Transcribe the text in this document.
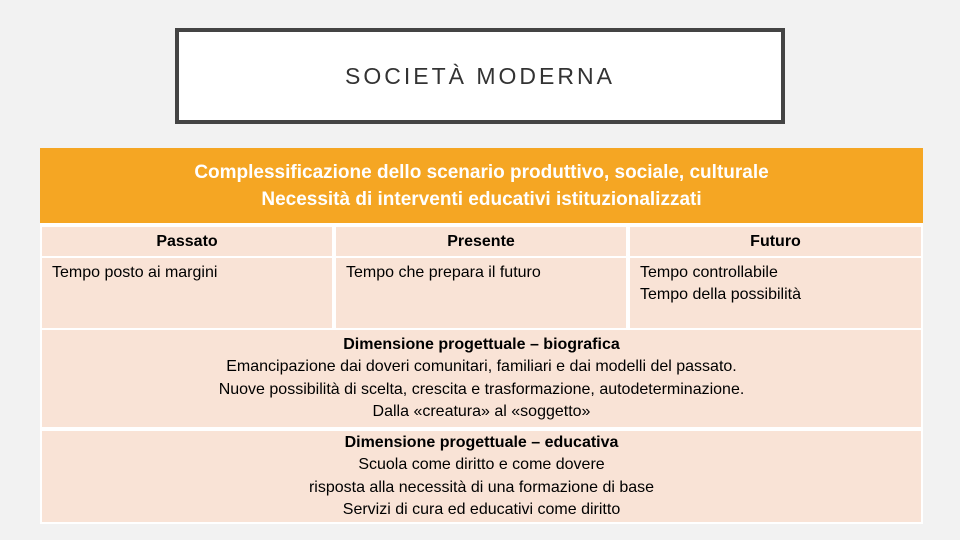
SOCIETÀ MODERNA
Complessificazione dello scenario produttivo, sociale, culturale
Necessità di interventi educativi istituzionalizzati
Passato	Presente	Futuro
Tempo posto ai margini	Tempo che prepara il futuro	Tempo controllabile
Tempo della possibilità
Dimensione progettuale – biografica
Emancipazione dai doveri comunitari, familiari e dai modelli del passato.
Nuove possibilità di scelta, crescita e trasformazione, autodeterminazione.
Dalla «creatura» al «soggetto»
Dimensione progettuale – educativa
Scuola come diritto e come dovere
risposta alla necessità di una formazione di base
Servizi di cura ed educativi come diritto
